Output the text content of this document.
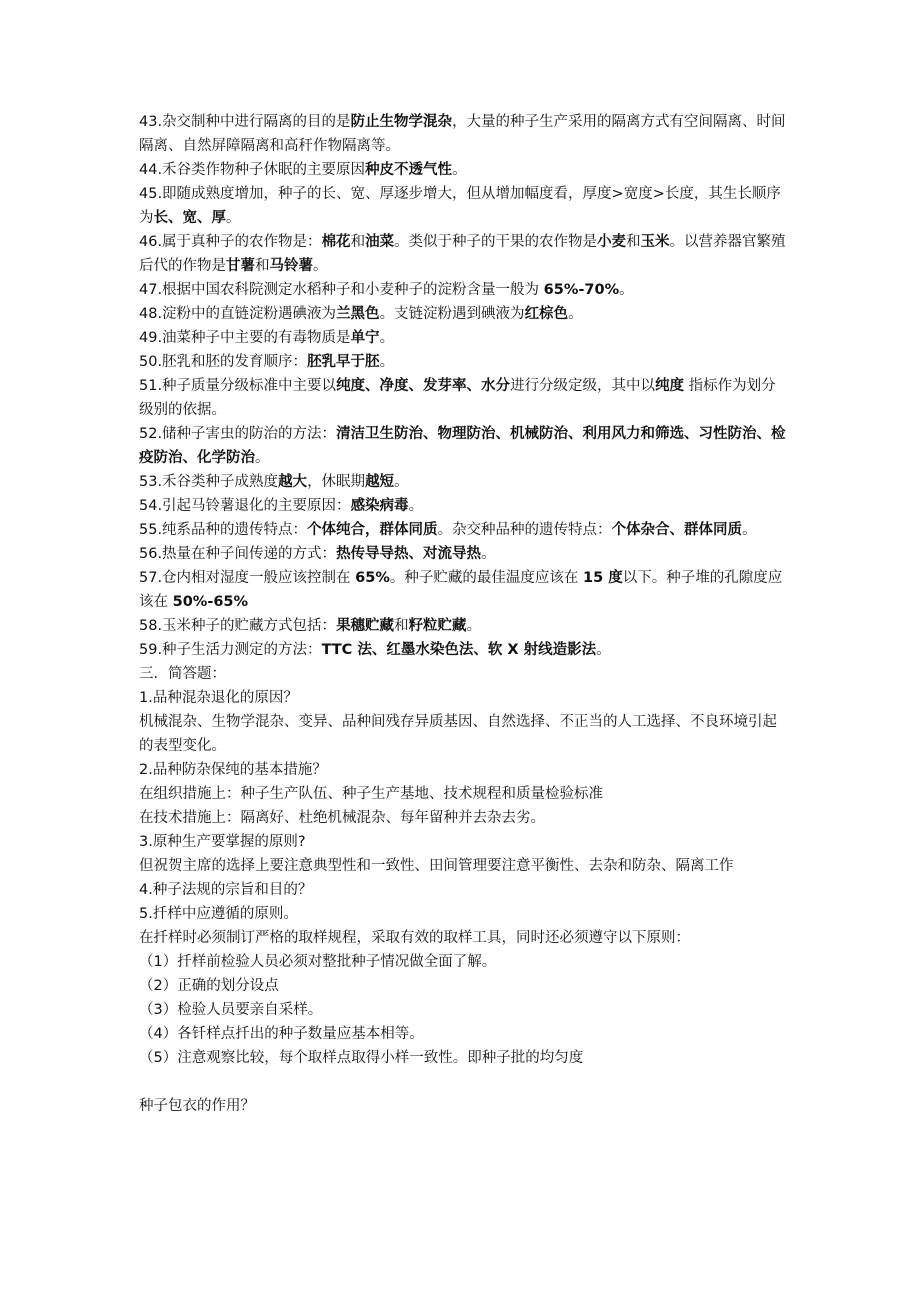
43.杂交制种中进行隔离的目的是防止生物学混杂，大量的种子生产采用的隔离方式有空间隔离、时间隔离、自然屏障隔离和高秆作物隔离等。

44.禾谷类作物种子休眠的主要原因种皮不透气性。

45.即随成熟度增加，种子的长、宽、厚逐步增大，但从增加幅度看，厚度>宽度>长度，其生长顺序为长、宽、厚。

46.属于真种子的农作物是：棉花和油菜。类似于种子的干果的农作物是小麦和玉米。以营养器官繁殖后代的作物是甘薯和马铃薯。

47.根据中国农科院测定水稻种子和小麦种子的淀粉含量一般为 65%-70%。

48.淀粉中的直链淀粉遇碘液为兰黑色。支链淀粉遇到碘液为红棕色。

49.油菜种子中主要的有毒物质是单宁。

50.胚乳和胚的发育顺序：胚乳早于胚。

51.种子质量分级标准中主要以纯度、净度、发芽率、水分进行分级定级，其中以纯度 指标作为划分级别的依据。

52.储种子害虫的防治的方法：清洁卫生防治、物理防治、机械防治、利用风力和筛选、习性防治、检疫防治、化学防治。

53.禾谷类种子成熟度越大，休眠期越短。

54.引起马铃薯退化的主要原因：感染病毒。

55.纯系品种的遗传特点：个体纯合，群体同质。杂交种品种的遗传特点：个体杂合、群体同质。

56.热量在种子间传递的方式：热传导导热、对流导热。

57.仓内相对湿度一般应该控制在 65%。种子贮藏的最佳温度应该在 15 度以下。种子堆的孔隙度应该在 50%-65%

58.玉米种子的贮藏方式包括：果穗贮藏和籽粒贮藏。

59.种子生活力测定的方法：TTC 法、红墨水染色法、软 X 射线造影法。

三．简答题：

1.品种混杂退化的原因？

机械混杂、生物学混杂、变异、品种间残存异质基因、自然选择、不正当的人工选择、不良环境引起的表型变化。

2.品种防杂保纯的基本措施？

在组织措施上：种子生产队伍、种子生产基地、技术规程和质量检验标准

在技术措施上：隔离好、杜绝机械混杂、每年留种并去杂去劣。

3.原种生产要掌握的原则?

但祝贺主席的选择上要注意典型性和一致性、田间管理要注意平衡性、去杂和防杂、隔离工作

4.种子法规的宗旨和目的？

5.扦样中应遵循的原则。

在扦样时必须制订严格的取样规程，采取有效的取样工具，同时还必须遵守以下原则：

（1）扦样前检验人员必须对整批种子情况做全面了解。

（2）正确的划分设点

（3）检验人员要亲自采样。

（4）各钎样点扦出的种子数量应基本相等。

（5）注意观察比较，每个取样点取得小样一致性。即种子批的均匀度

种子包衣的作用？
